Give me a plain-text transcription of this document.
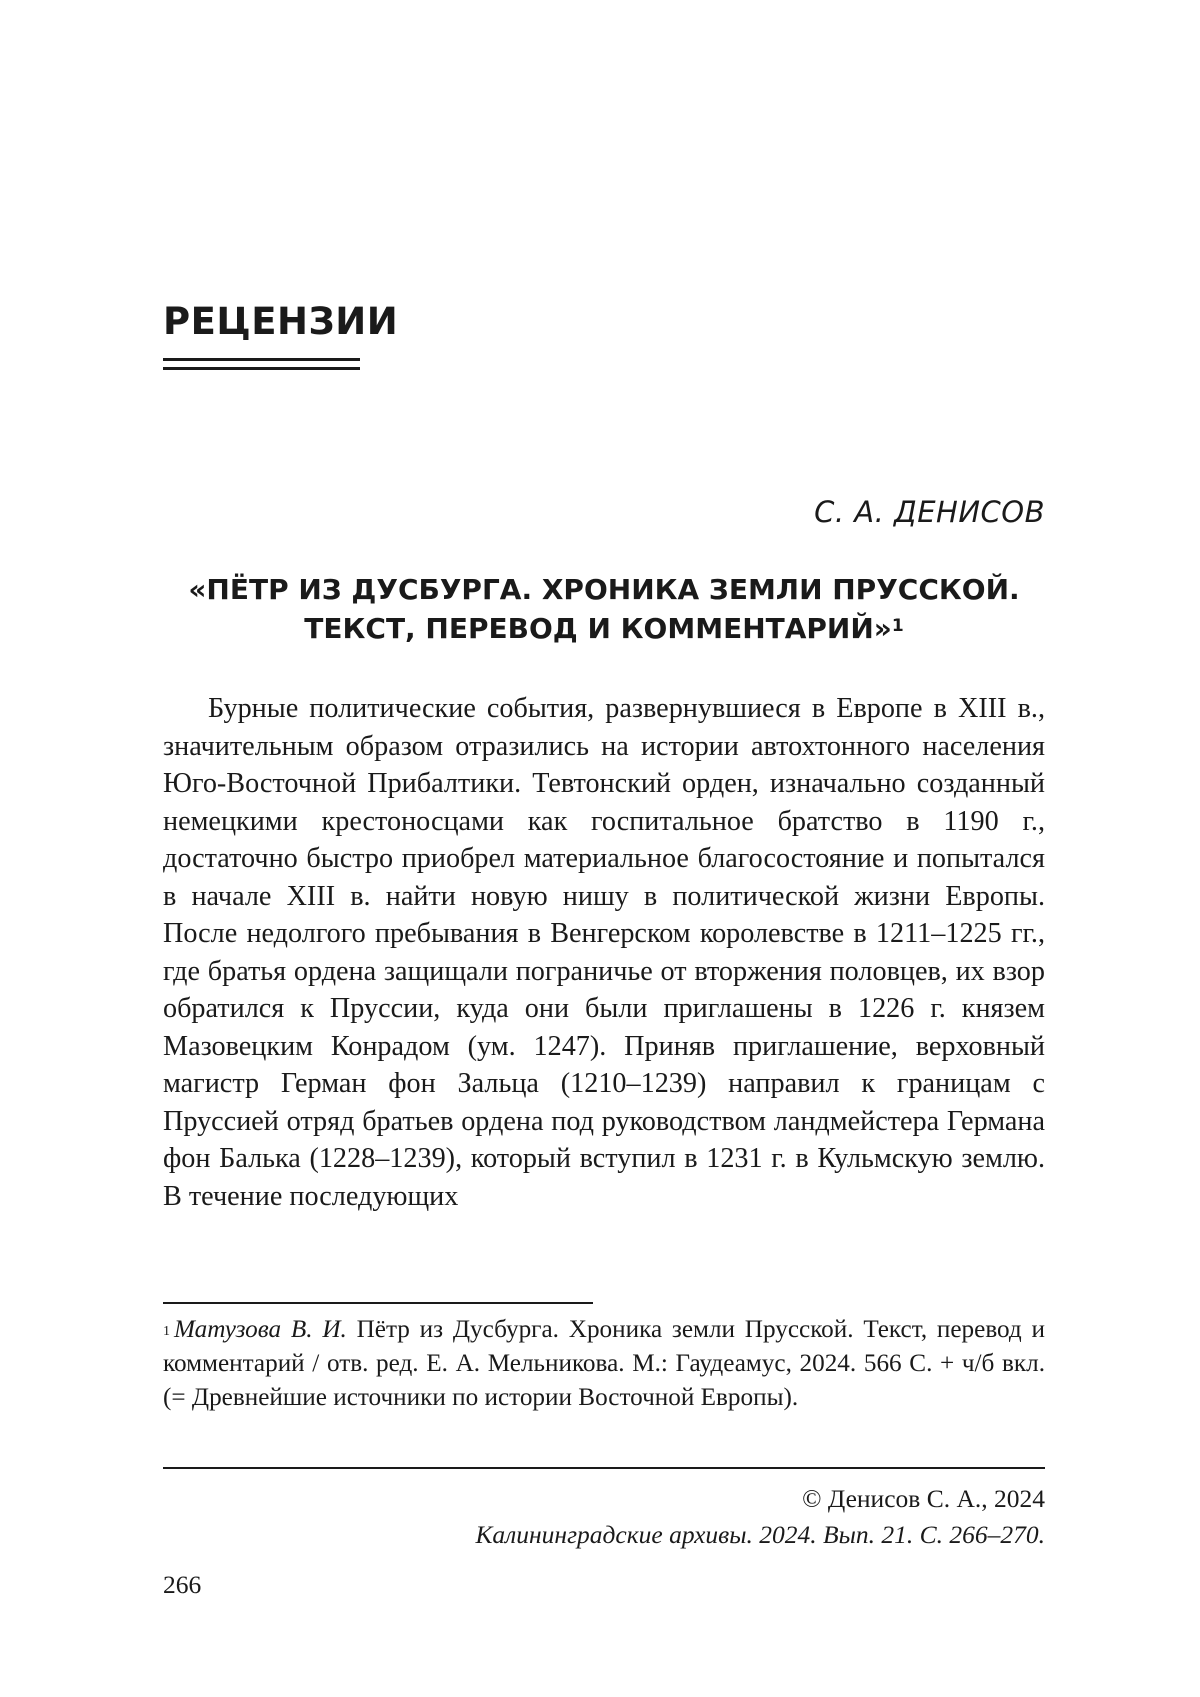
РЕЦЕНЗИИ
С. А. ДЕНИСОВ
«ПЁТР ИЗ ДУСБУРГА. ХРОНИКА ЗЕМЛИ ПРУССКОЙ.
ТЕКСТ, ПЕРЕВОД И КОММЕНТАРИЙ»$^1$

Бурные политические события, развернувшиеся в Европе в XIII в., значительным образом отразились на истории автохтонного населения Юго-Восточной Прибалтики. Тевтонский орден, изначально созданный немецкими крестоносцами как госпитальное братство в 1190 г., достаточно быстро приобрел материальное благосостояние и попытался в начале XIII в. найти новую нишу в политической жизни Европы. После недолгого пребывания в Венгерском королевстве в 1211–1225 гг., где братья ордена защищали пограничье от вторжения половцев, их взор обратился к Пруссии, куда они были приглашены в 1226 г. князем Мазовецким Конрадом (ум. 1247). Приняв приглашение, верховный магистр Герман фон Зальца (1210–1239) направил к границам с Пруссией отряд братьев ордена под руководством ландмейстера Германа фон Балька (1228–1239), который вступил в 1231 г. в Кульмскую землю. В течение последующих

$^1$ Матузова В. И. Пётр из Дусбурга. Хроника земли Прусской. Текст, перевод и комментарий / отв. ред. Е. А. Мельникова. М.: Гаудеамус, 2024. 566 С. + ч/б вкл. (= Древнейшие источники по истории Восточной Европы).
© Денисов С. А., 2024
Калининградские архивы. 2024. Вып. 21. С. 266–270.
266
